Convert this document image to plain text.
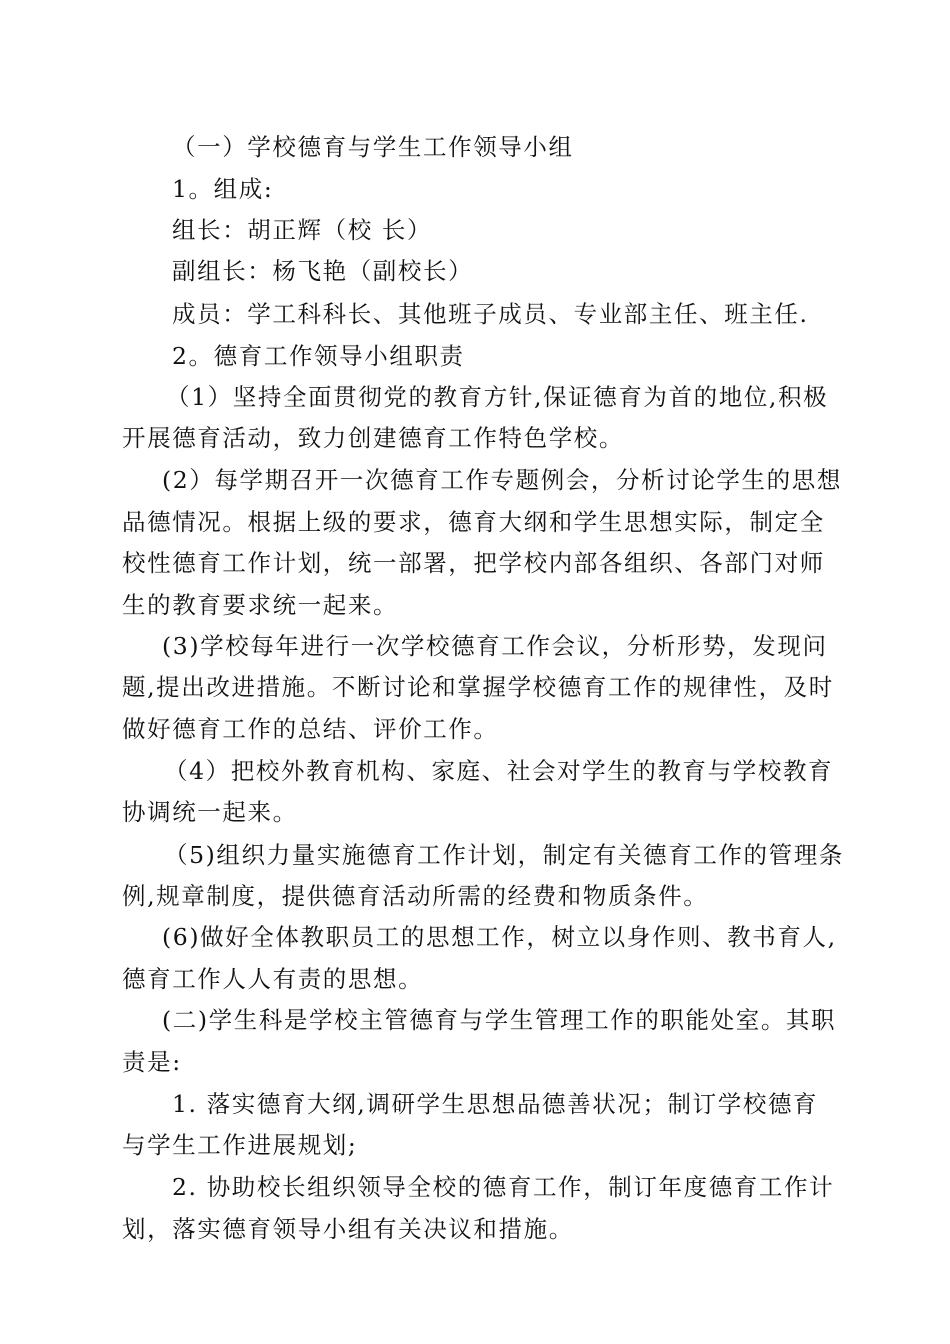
（一）学校德育与学生工作领导小组
1。组成:
组长：胡正辉（校 长）
副组长：杨飞艳（副校长）
成员：学工科科长、其他班子成员、专业部主任、班主任.
2。德育工作领导小组职责
（1）坚持全面贯彻党的教育方针,保证德育为首的地位,积极
开展德育活动，致力创建德育工作特色学校。
(2）每学期召开一次德育工作专题例会，分析讨论学生的思想
品德情况。根据上级的要求，德育大纲和学生思想实际，制定全
校性德育工作计划，统一部署，把学校内部各组织、各部门对师
生的教育要求统一起来。
(3)学校每年进行一次学校德育工作会议，分析形势，发现问
题,提出改进措施。不断讨论和掌握学校德育工作的规律性，及时
做好德育工作的总结、评价工作。
（4）把校外教育机构、家庭、社会对学生的教育与学校教育
协调统一起来。
（5)组织力量实施德育工作计划，制定有关德育工作的管理条
例,规章制度，提供德育活动所需的经费和物质条件。
(6)做好全体教职员工的思想工作，树立以身作则、教书育人,
德育工作人人有责的思想。
(二)学生科是学校主管德育与学生管理工作的职能处室。其职
责是:
1. 落实德育大纲,调研学生思想品德善状况；制订学校德育
与学生工作进展规划;
2. 协助校长组织领导全校的德育工作，制订年度德育工作计
划，落实德育领导小组有关决议和措施。
